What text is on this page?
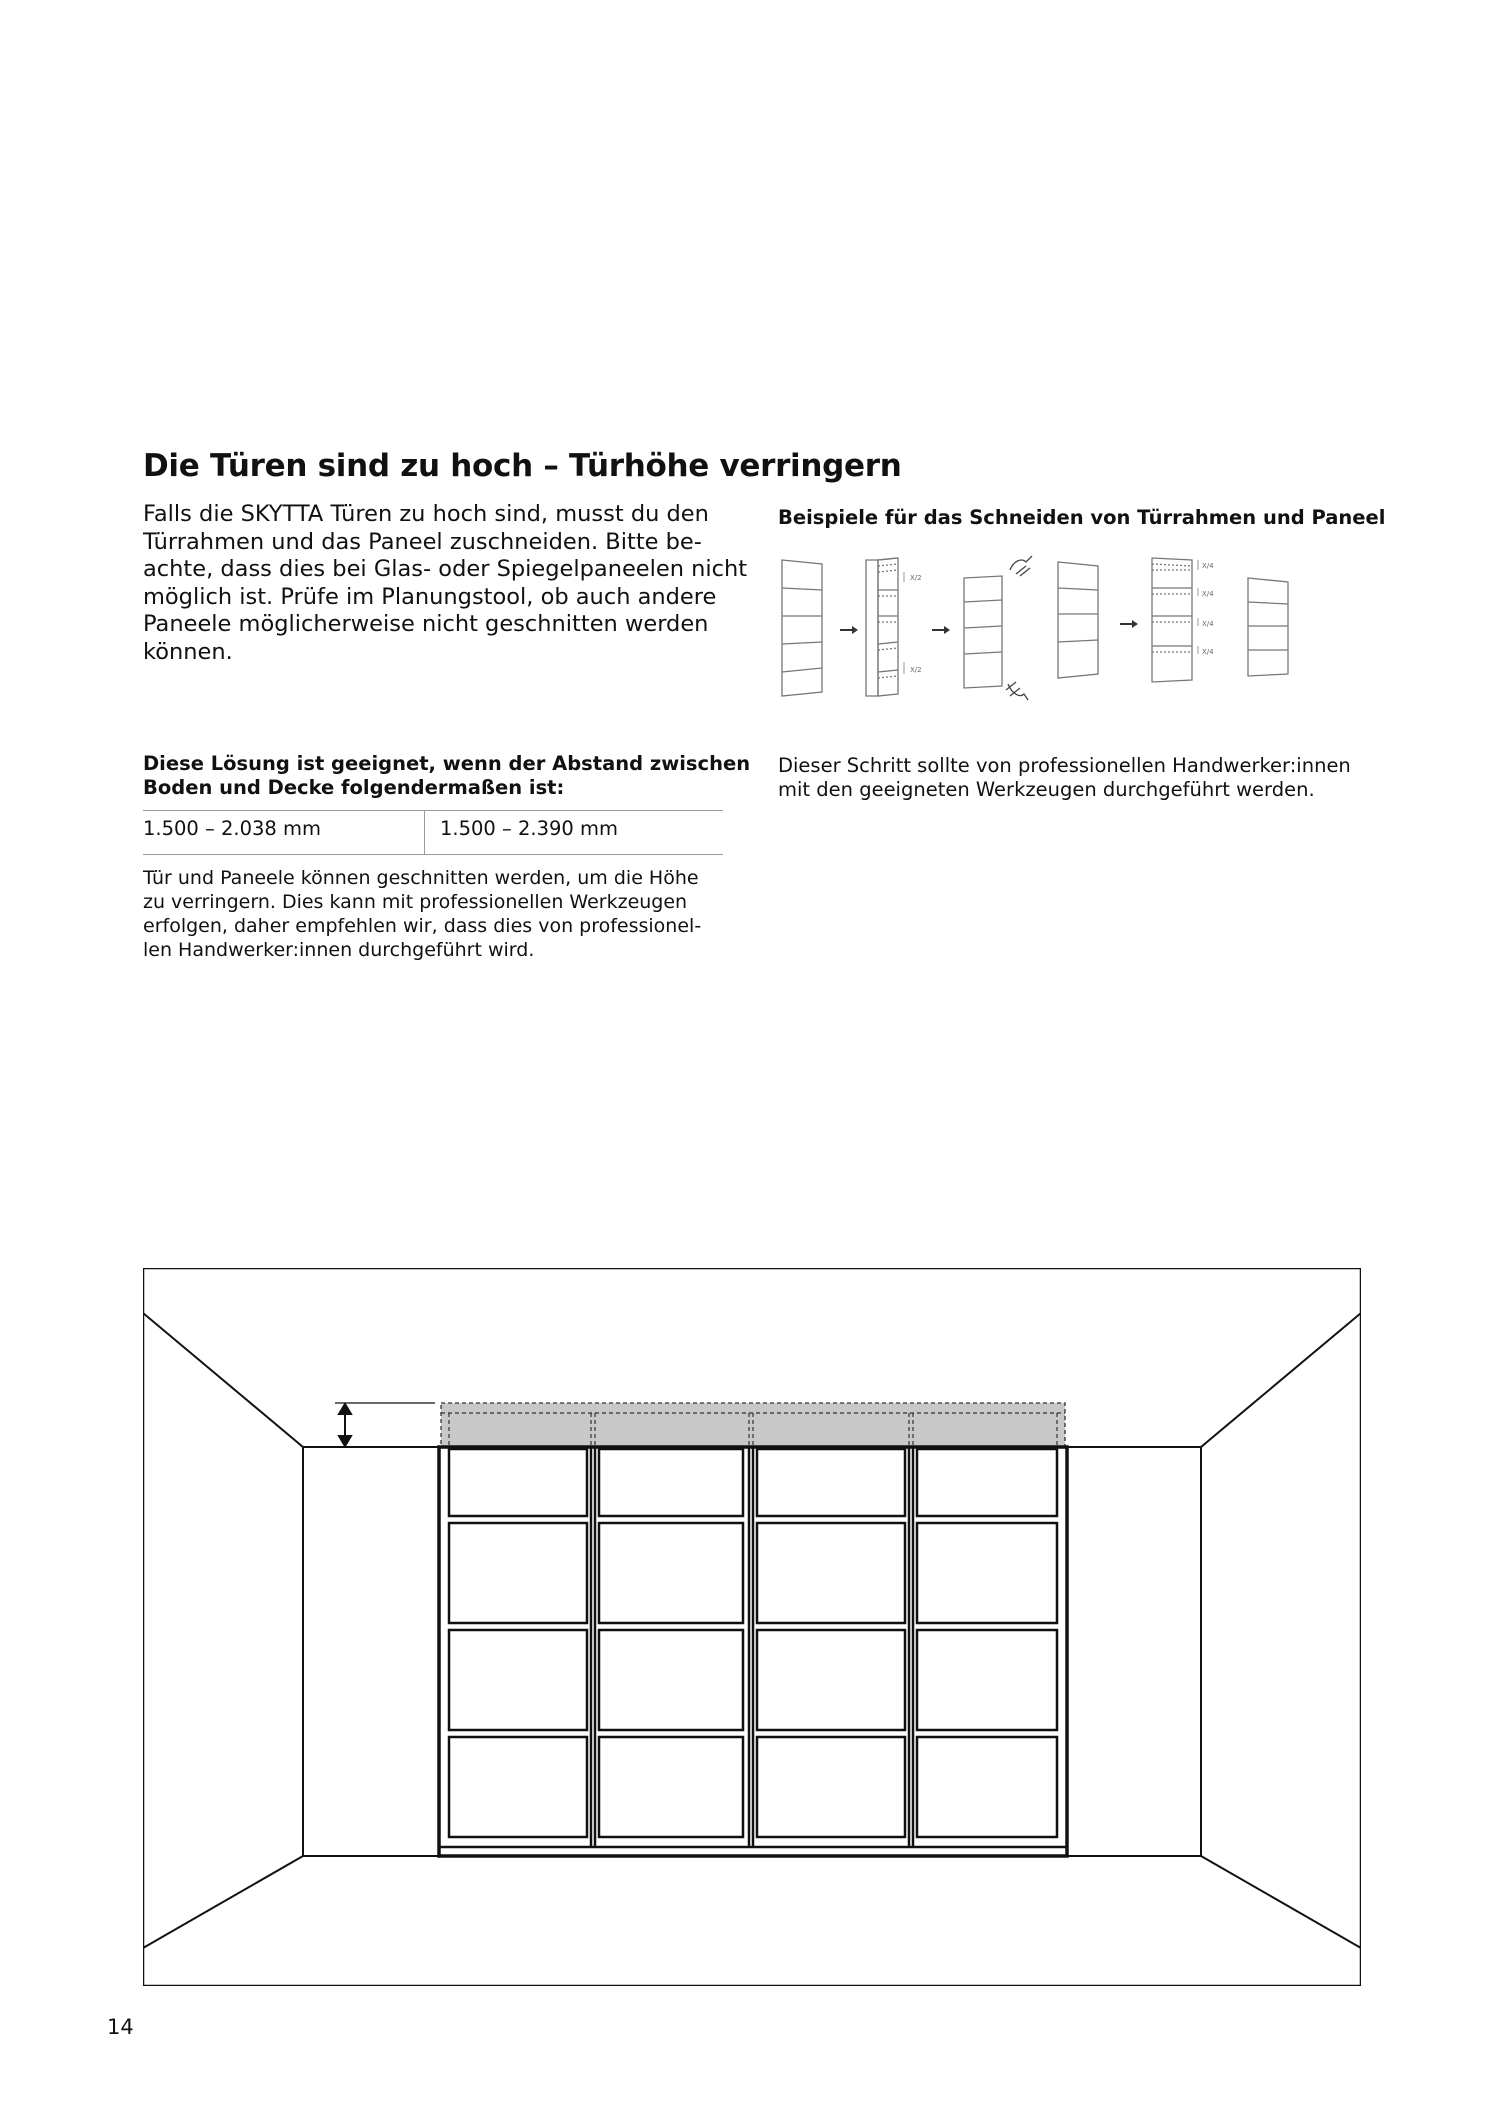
Die Türen sind zu hoch – Türhöhe verringern

Falls die SKYTTA Türen zu hoch sind, musst du den
Türrahmen und das Paneel zuschneiden. Bitte be-
achte, dass dies bei Glas- oder Spiegelpaneelen nicht
möglich ist. Prüfe im Planungstool, ob auch andere
Paneele möglicherweise nicht geschnitten werden
können.

Beispiele für das Schneiden von Türrahmen und Paneel

X/2
X/2
X/4
X/4
X/4
X/4

Diese Lösung ist geeignet, wenn der Abstand zwischen
Boden und Decke folgendermaßen ist:

1.500 – 2.038 mm	1.500 – 2.390 mm

Tür und Paneele können geschnitten werden, um die Höhe
zu verringern. Dies kann mit professionellen Werkzeugen
erfolgen, daher empfehlen wir, dass dies von professionel-
len Handwerker:innen durchgeführt wird.

Dieser Schritt sollte von professionellen Handwerker:innen
mit den geeigneten Werkzeugen durchgeführt werden.

14
